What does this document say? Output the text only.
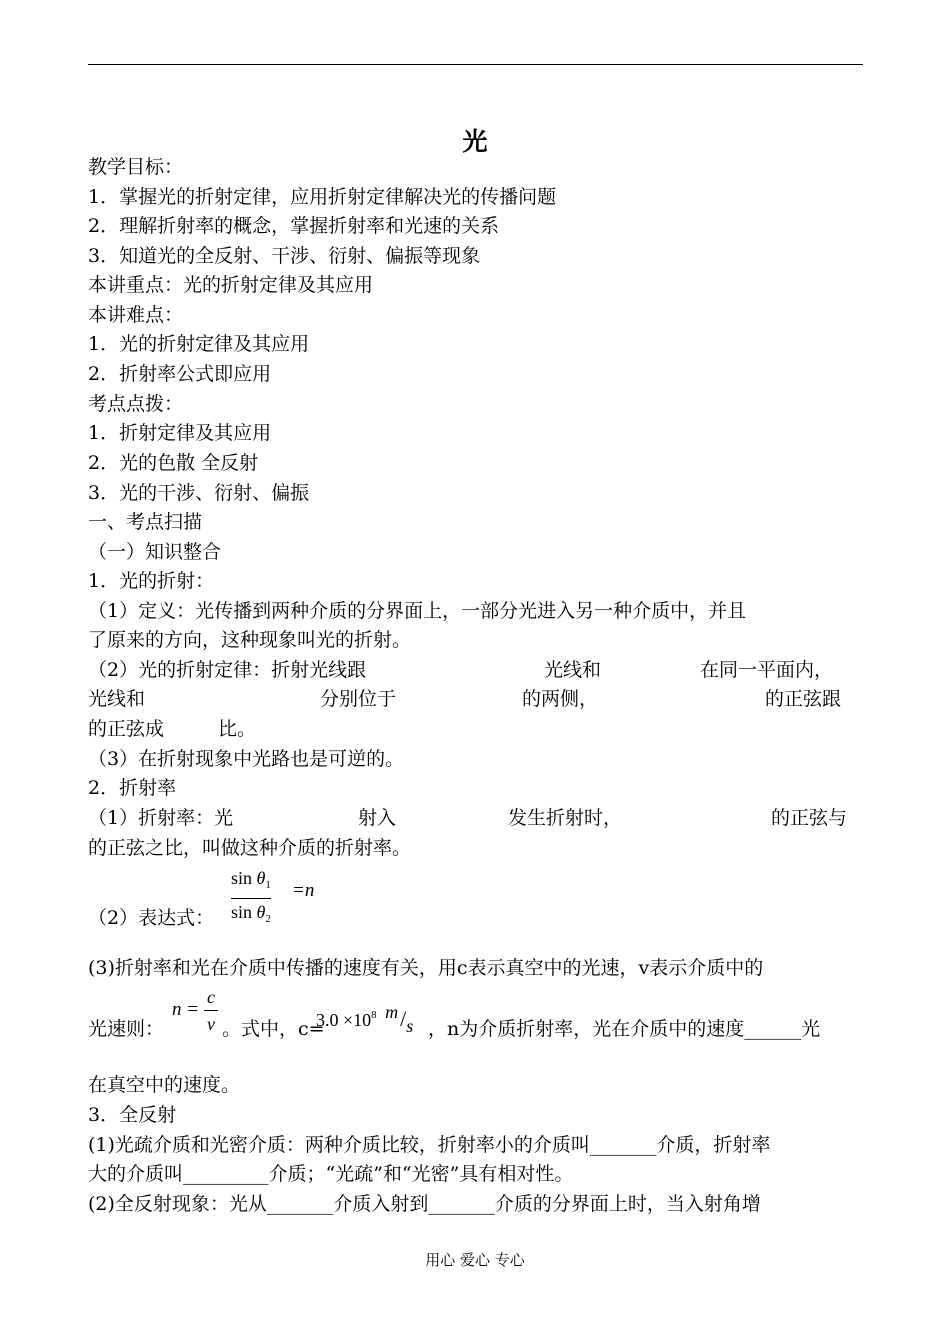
光
教学目标：
1．掌握光的折射定律，应用折射定律解决光的传播问题
2．理解折射率的概念，掌握折射率和光速的关系
3．知道光的全反射、干涉、衍射、偏振等现象
本讲重点：光的折射定律及其应用
本讲难点：
1．光的折射定律及其应用
2．折射率公式即应用
考点点拨：
1．折射定律及其应用
2．光的色散 全反射
3．光的干涉、衍射、偏振
一、考点扫描
（一）知识整合
1．光的折射：
（1）定义：光传播到两种介质的分界面上，一部分光进入另一种介质中，并且
了原来的方向，这种现象叫光的折射。
（2）光的折射定律：折射光线跟	光线和	在同一平面内，
光线和	分别位于	的两侧，	的正弦跟
的正弦成	比。
（3）在折射现象中光路也是可逆的。
2．折射率
（1）折射率：光	射入	发生折射时，	的正弦与
的正弦之比，叫做这种介质的折射率。
$\sin \theta_1$
$\sin \theta_2$
=n
（2）表达式：
(3)折射率和光在介质中传播的速度有关，用c表示真空中的光速，v表示介质中的
n =
c
v
光速则：	。式中，c=
$3.0 \times 10^8$ m/s ，n为介质折射率，光在介质中的速度______光
在真空中的速度。
3．全反射
(1)光疏介质和光密介质：两种介质比较，折射率小的介质叫_______介质，折射率
大的介质叫_________介质；“光疏”和“光密”具有相对性。
(2)全反射现象：光从_______介质入射到_______介质的分界面上时，当入射角增
用心 爱心 专心
